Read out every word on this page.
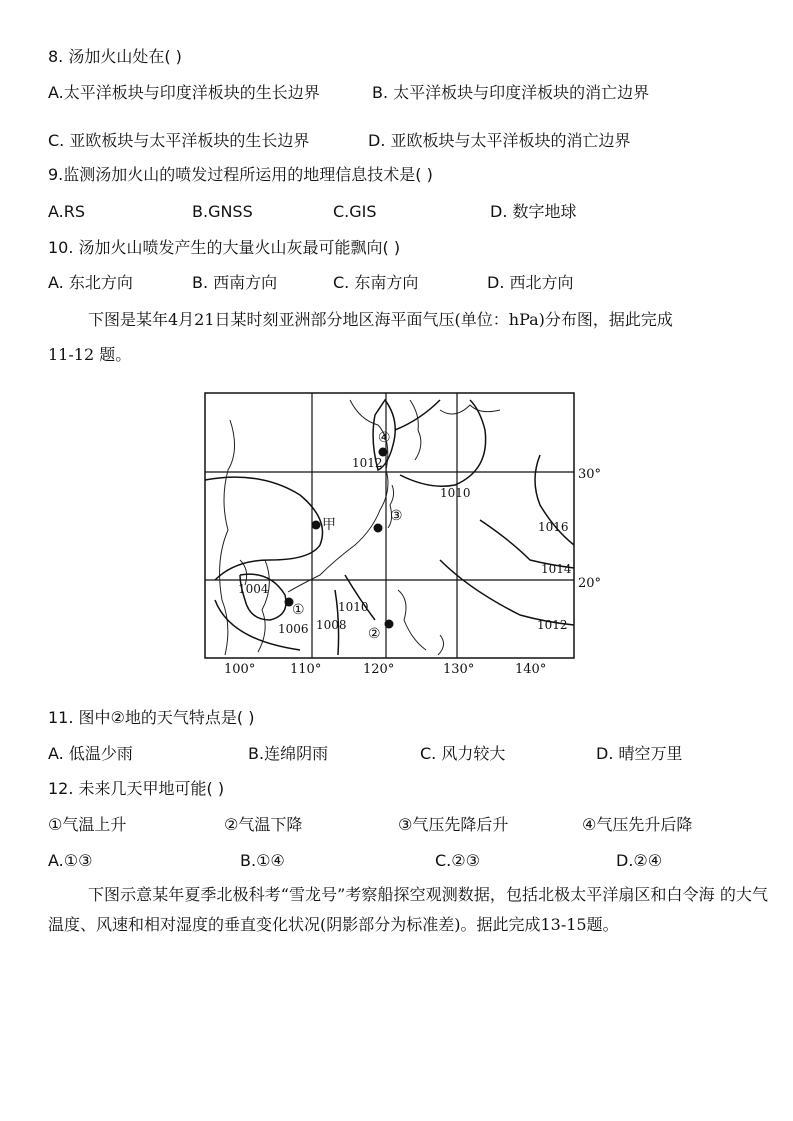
8. 汤加火山处在( )
A.太平洋板块与印度洋板块的生长边界	B. 太平洋板块与印度洋板块的消亡边界
C. 亚欧板块与太平洋板块的生长边界	D. 亚欧板块与太平洋板块的消亡边界
9.监测汤加火山的喷发过程所运用的地理信息技术是( )
A.RS	B.GNSS	C.GIS	D. 数字地球
10. 汤加火山喷发产生的大量火山灰最可能飘向( )
A. 东北方向	B. 西南方向	C. 东南方向	D. 西北方向
下图是某年4月21日某时刻亚洲部分地区海平面气压(单位：hPa)分布图，据此完成
11-12 题。
④
甲
③
①
②
1012
1010
1016
1014
1012
1010
1008
1004
1006
100°	110°	120°	130°	140°
30°
20°
11. 图中②地的天气特点是( )
A. 低温少雨	B.连绵阴雨	C. 风力较大	D. 晴空万里
12. 未来几天甲地可能( )
①气温上升	②气温下降	③气压先降后升	④气压先升后降
A.①③	B.①④	C.②③	D.②④
下图示意某年夏季北极科考“雪龙号”考察船探空观测数据，包括北极太平洋扇区和白令海 的大气温度、风速和相对湿度的垂直变化状况(阴影部分为标准差)。据此完成13-15题。
